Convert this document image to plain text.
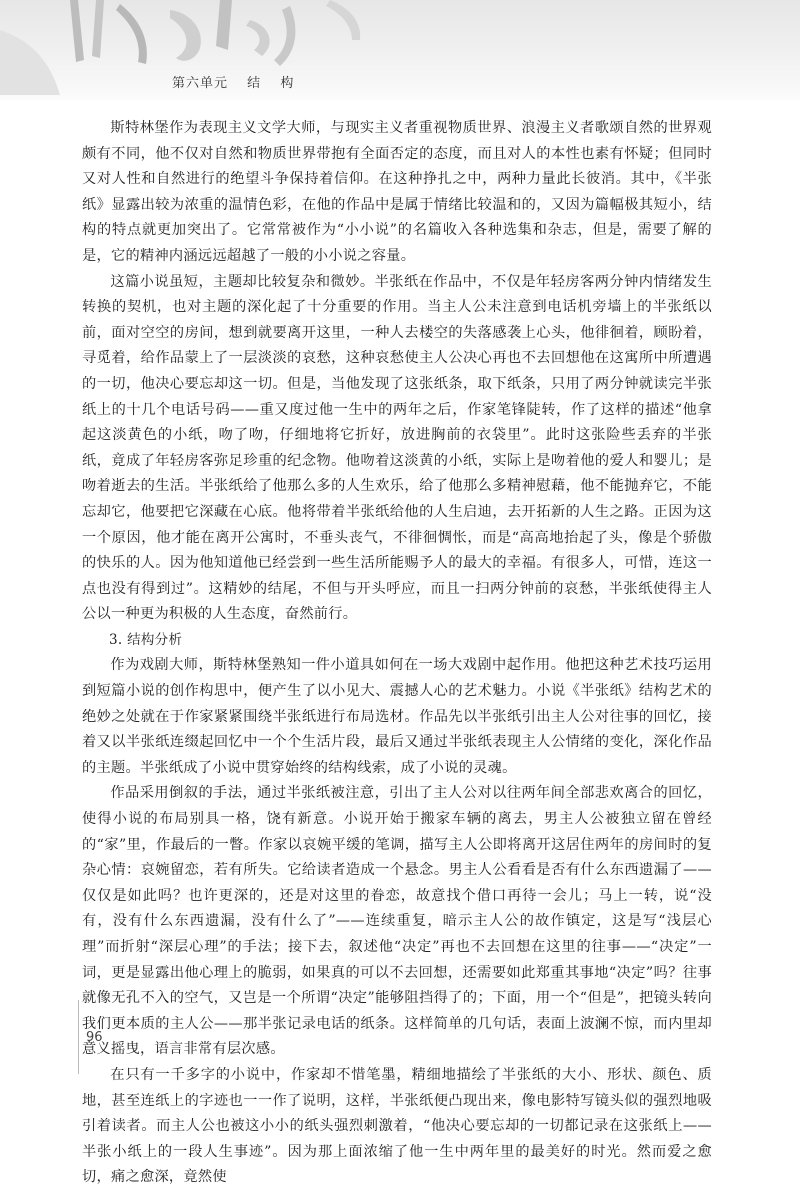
第六单元 结 构

斯特林堡作为表现主义文学大师，与现实主义者重视物质世界、浪漫主义者歌颂自然的世界观颇有不同，他不仅对自然和物质世界带抱有全面否定的态度，而且对人的本性也素有怀疑；但同时又对人性和自然进行的绝望斗争保持着信仰。在这种挣扎之中，两种力量此长彼消。其中，《半张纸》显露出较为浓重的温情色彩，在他的作品中是属于情绪比较温和的，又因为篇幅极其短小，结构的特点就更加突出了。它常常被作为“小小说”的名篇收入各种选集和杂志，但是，需要了解的是，它的精神内涵远远超越了一般的小小说之容量。

这篇小说虽短，主题却比较复杂和微妙。半张纸在作品中，不仅是年轻房客两分钟内情绪发生转换的契机，也对主题的深化起了十分重要的作用。当主人公未注意到电话机旁墙上的半张纸以前，面对空空的房间，想到就要离开这里，一种人去楼空的失落感袭上心头，他徘徊着，顾盼着，寻觅着，给作品蒙上了一层淡淡的哀愁，这种哀愁使主人公决心再也不去回想他在这寓所中所遭遇的一切，他决心要忘却这一切。但是，当他发现了这张纸条，取下纸条，只用了两分钟就读完半张纸上的十几个电话号码——重又度过他一生中的两年之后，作家笔锋陡转，作了这样的描述“他拿起这淡黄色的小纸，吻了吻，仔细地将它折好，放进胸前的衣袋里”。此时这张险些丢弃的半张纸，竟成了年轻房客弥足珍重的纪念物。他吻着这淡黄的小纸，实际上是吻着他的爱人和婴儿；是吻着逝去的生活。半张纸给了他那么多的人生欢乐，给了他那么多精神慰藉，他不能抛弃它，不能忘却它，他要把它深藏在心底。他将带着半张纸给他的人生启迪，去开拓新的人生之路。正因为这一个原因，他才能在离开公寓时，不垂头丧气，不徘徊惆怅，而是“高高地抬起了头，像是个骄傲的快乐的人。因为他知道他已经尝到一些生活所能赐予人的最大的幸福。有很多人，可惜，连这一点也没有得到过”。这精妙的结尾，不但与开头呼应，而且一扫两分钟前的哀愁，半张纸使得主人公以一种更为积极的人生态度，奋然前行。

3. 结构分析

作为戏剧大师，斯特林堡熟知一件小道具如何在一场大戏剧中起作用。他把这种艺术技巧运用到短篇小说的创作构思中，便产生了以小见大、震撼人心的艺术魅力。小说《半张纸》结构艺术的绝妙之处就在于作家紧紧围绕半张纸进行布局选材。作品先以半张纸引出主人公对往事的回忆，接着又以半张纸连缀起回忆中一个个生活片段，最后又通过半张纸表现主人公情绪的变化，深化作品的主题。半张纸成了小说中贯穿始终的结构线索，成了小说的灵魂。

作品采用倒叙的手法，通过半张纸被注意，引出了主人公对以往两年间全部悲欢离合的回忆，使得小说的布局别具一格，饶有新意。小说开始于搬家车辆的离去，男主人公被独立留在曾经的“家”里，作最后的一瞥。作家以哀婉平缓的笔调，描写主人公即将离开这居住两年的房间时的复杂心情：哀婉留恋，若有所失。它给读者造成一个悬念。男主人公看看是否有什么东西遗漏了——仅仅是如此吗？也许更深的，还是对这里的眷恋，故意找个借口再待一会儿；马上一转，说“没有，没有什么东西遗漏，没有什么了”——连续重复，暗示主人公的故作镇定，这是写“浅层心理”而折射“深层心理”的手法；接下去，叙述他“决定”再也不去回想在这里的往事——“决定”一词，更是显露出他心理上的脆弱，如果真的可以不去回想，还需要如此郑重其事地“决定”吗？往事就像无孔不入的空气，又岂是一个所谓“决定”能够阻挡得了的；下面，用一个“但是”，把镜头转向我们更本质的主人公——那半张记录电话的纸条。这样简单的几句话，表面上波澜不惊，而内里却意义摇曳，语言非常有层次感。

在只有一千多字的小说中，作家却不惜笔墨，精细地描绘了半张纸的大小、形状、颜色、质地，甚至连纸上的字迹也一一作了说明，这样，半张纸便凸现出来，像电影特写镜头似的强烈地吸引着读者。而主人公也被这小小的纸头强烈刺激着，“他决心要忘却的一切都记录在这张纸上——半张小纸上的一段人生事迹”。因为那上面浓缩了他一生中两年里的最美好的时光。然而爱之愈切，痛之愈深，竟然使

96
